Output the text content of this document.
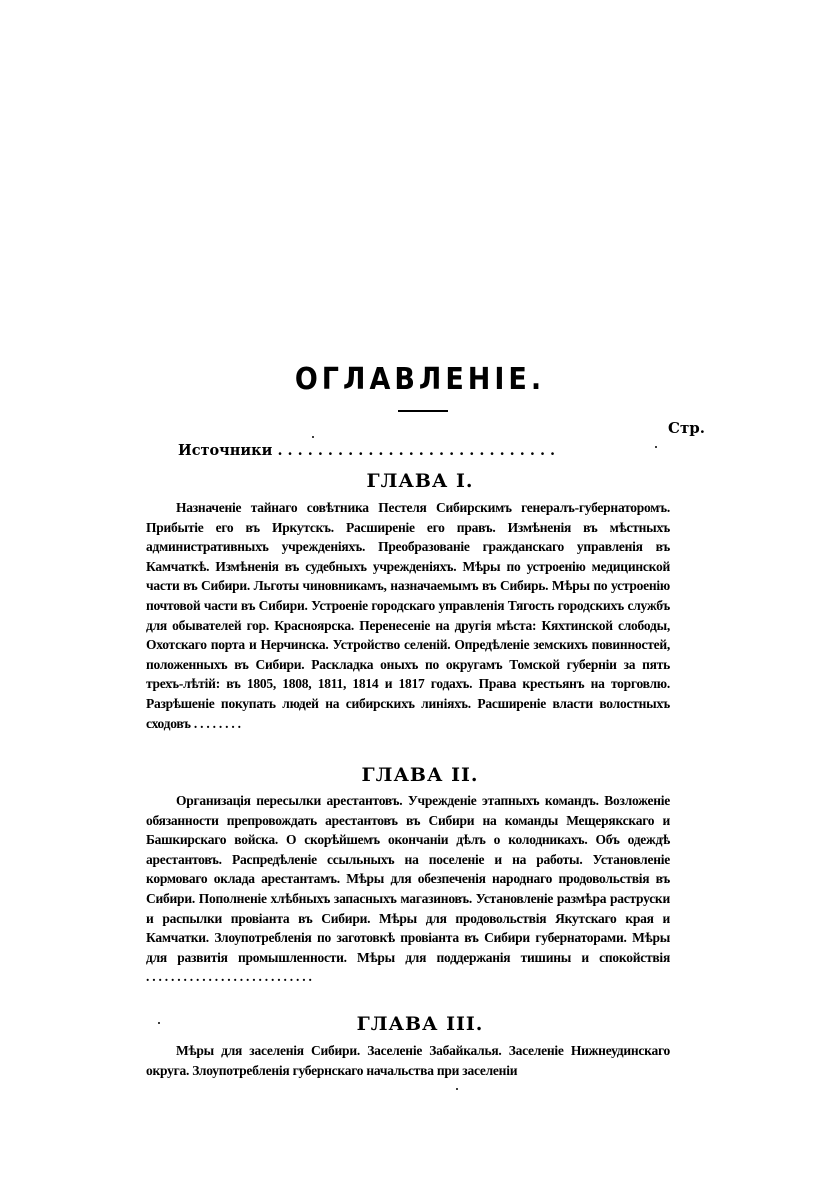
ОГЛАВЛЕНІЕ.
Стр.
Источники . . . . . . . . . . . . . . . . . . . . . . . . . . . .
ГЛАВА I.
Назначеніе тайнаго совѣтника Пестеля Сибирскимъ генералъ-губернаторомъ. Прибытіе его въ Иркутскъ. Расширеніе его правъ. Измѣненія въ мѣстныхъ административныхъ учрежденіяхъ. Преобразованіе гражданскаго управленія въ Камчаткѣ. Измѣненія въ судебныхъ учрежденіяхъ. Мѣры по устроенію медицинской части въ Сибири. Льготы чиновникамъ, назначаемымъ въ Сибирь. Мѣры по устроенію почтовой части въ Сибири. Устроеніе городскаго управленія Тягость городскихъ службъ для обывателей гор. Красноярска. Перенесеніе на другія мѣста: Кяхтинской слободы, Охотскаго порта и Нерчинска. Устройство селеній. Опредѣленіе земскихъ повинностей, положенныхъ въ Сибири. Раскладка оныхъ по округамъ Томской губерніи за пять трехъ-лѣтій: въ 1805, 1808, 1811, 1814 и 1817 годахъ. Права крестьянъ на торговлю. Разрѣшеніе покупать людей на сибирскихъ линіяхъ. Расширеніе власти волостныхъ сходовъ . . . . . . . .
ГЛАВА II.
Организація пересылки арестантовъ. Учрежденіе этапныхъ командъ. Возложеніе обязанности препровождать арестантовъ въ Сибири на команды Мещерякскаго и Башкирскаго войска. О скорѣйшемъ окончаніи дѣлъ о колодникахъ. Объ одеждѣ арестантовъ. Распредѣленіе ссыльныхъ на поселеніе и на работы. Установленіе кормоваго оклада арестантамъ. Мѣры для обезпеченія народнаго продовольствія въ Сибири. Пополненіе хлѣбныхъ запасныхъ магазиновъ. Установленіе размѣра раструски и распылки провіанта въ Сибири. Мѣры для продовольствія Якутскаго края и Камчатки. Злоупотребленія по заготовкѣ провіанта въ Сибири губернаторами. Мѣры для развитія промышленности. Мѣры для поддержанія тишины и спокойствія . . . . . . . . . . . . . . . . . . . . . . . . . . .
ГЛАВА III.
Мѣры для заселенія Сибири. Заселеніе Забайкалья. Заселеніе Нижнеудинскаго округа. Злоупотребленія губернскаго начальства при заселеніи
